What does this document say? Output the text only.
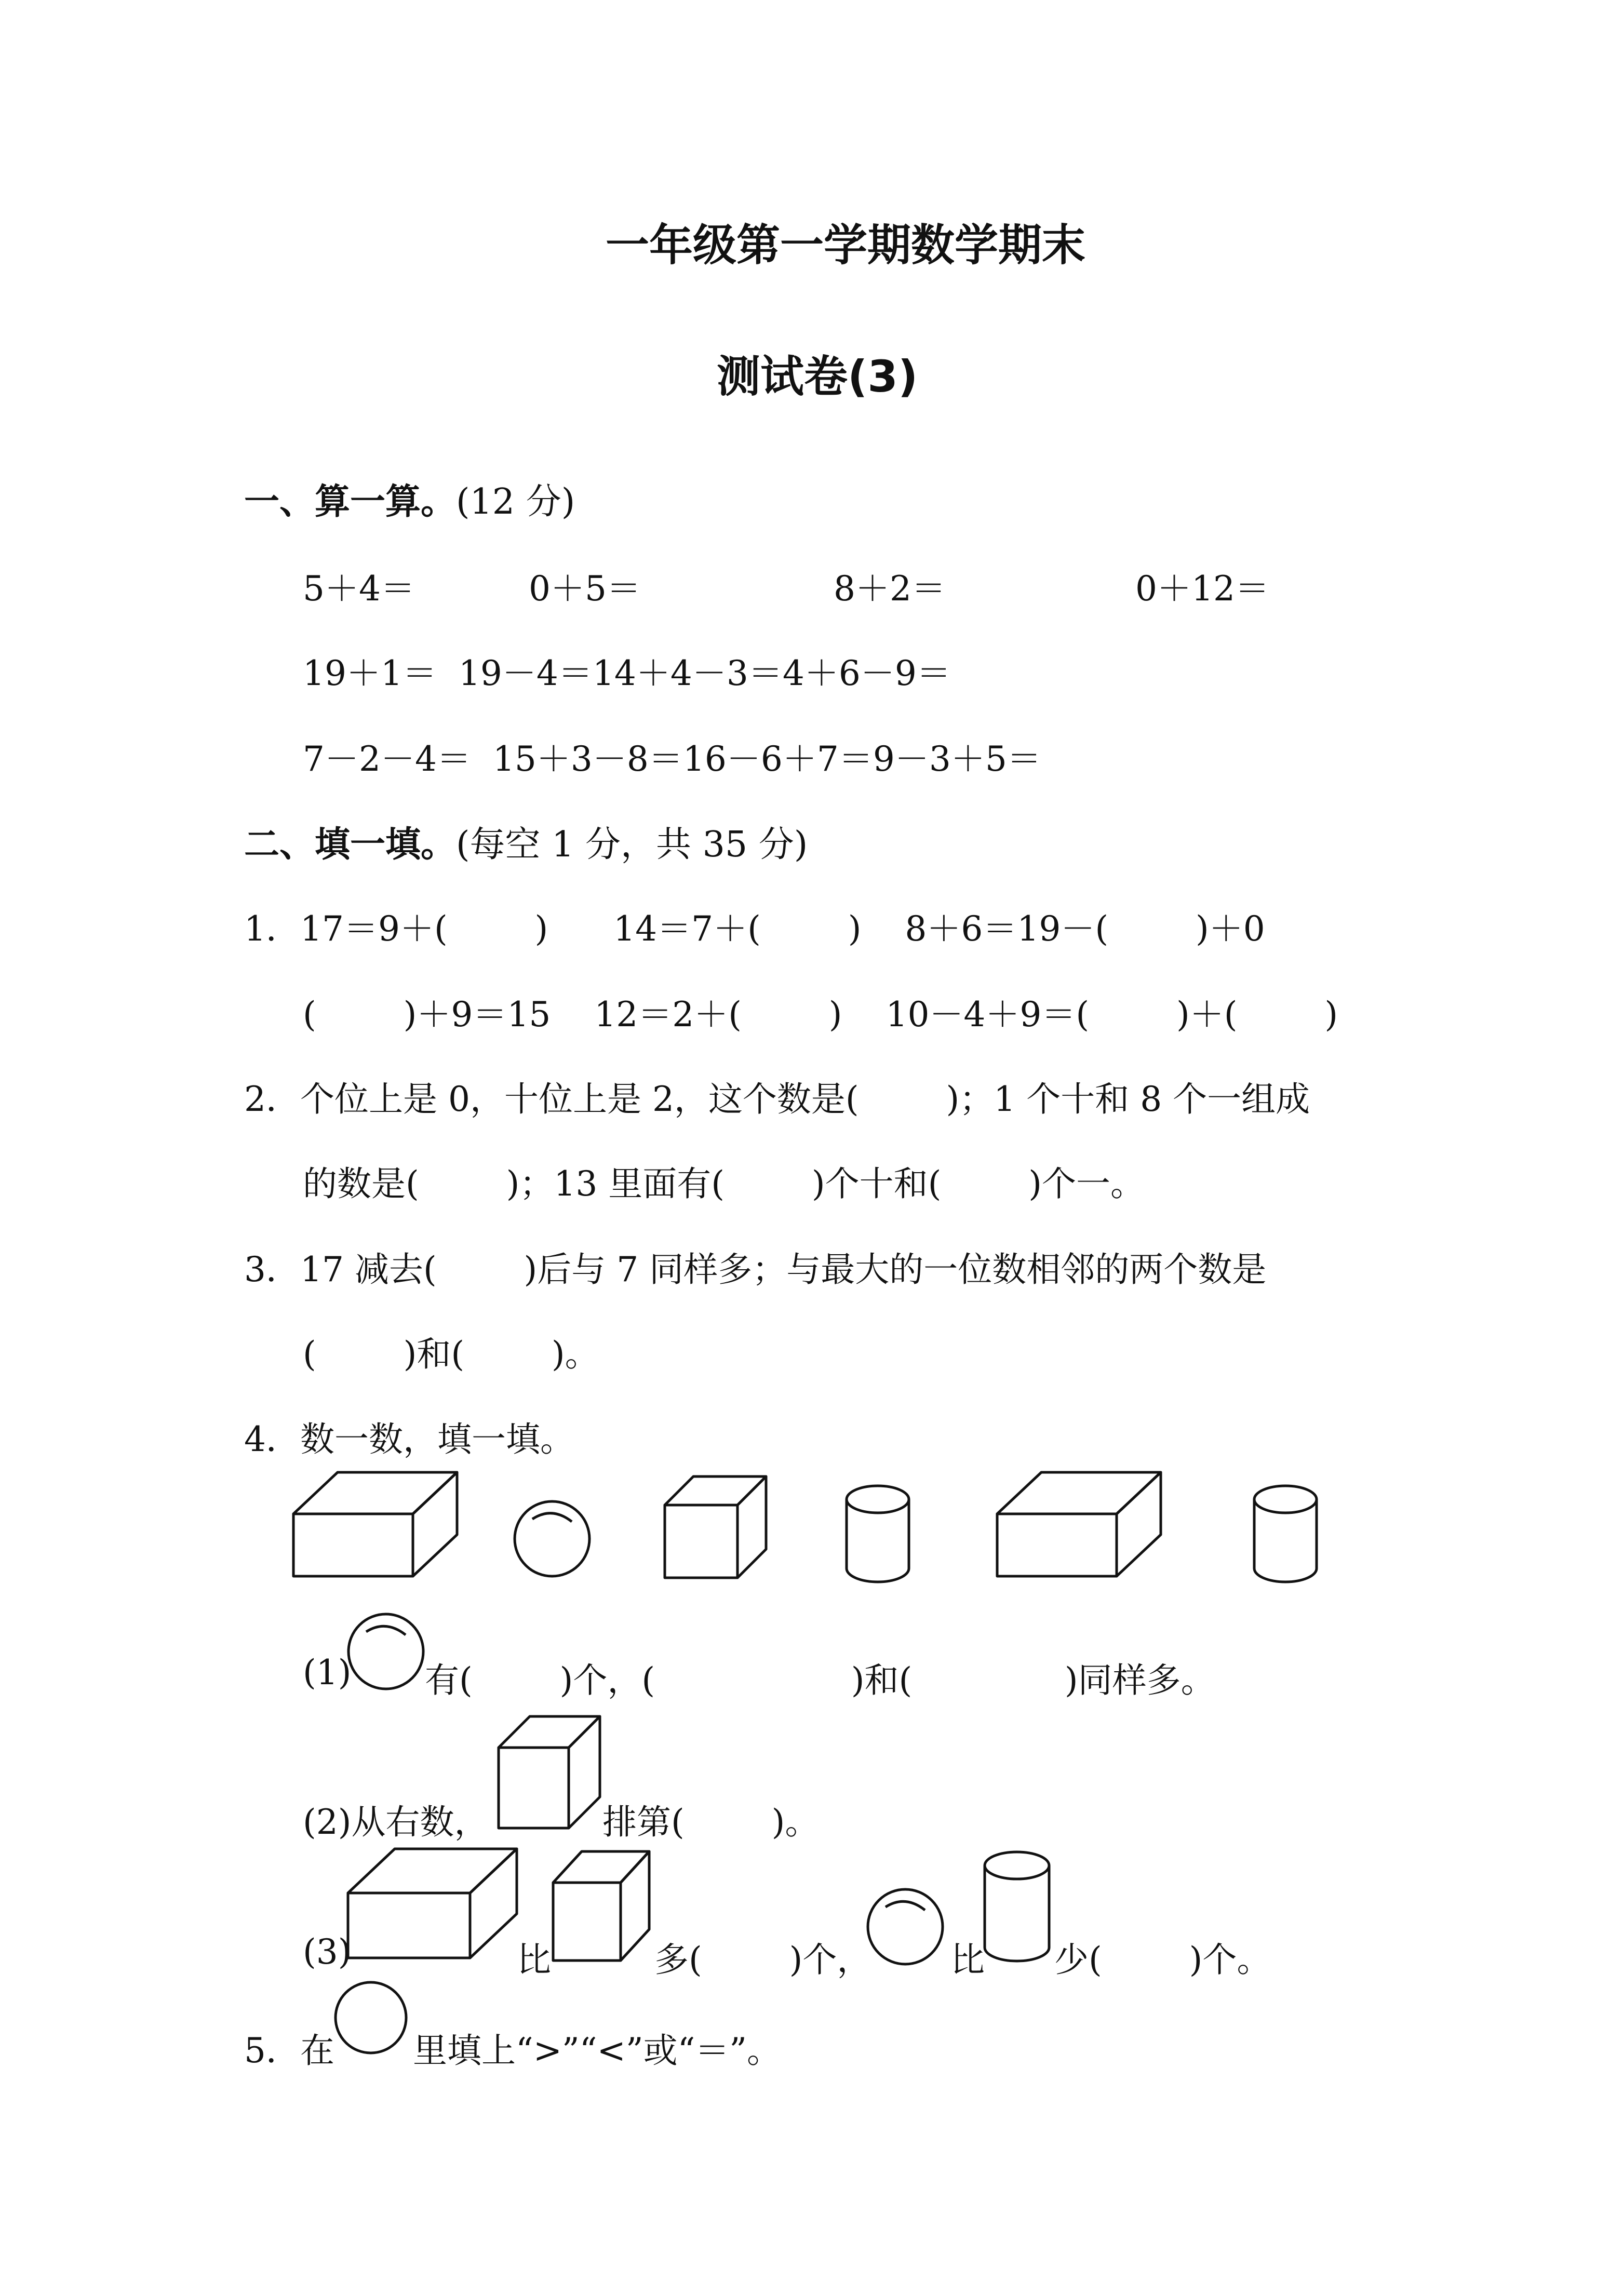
一年级第一学期数学期末
测试卷(3)
一、算一算。(12 分)
5＋4＝	0＋5＝	8＋2＝	0＋12＝
19＋1＝  19－4＝14＋4－3＝4＋6－9＝
7－2－4＝  15＋3－8＝16－6＋7＝9－3＋5＝
二、填一填。(每空 1 分，共 35 分)
1．17＝9＋(        )      14＝7＋(        )    8＋6＝19－(        )＋0
(        )＋9＝15    12＝2＋(        )    10－4＋9＝(        )＋(        )
2．个位上是 0，十位上是 2，这个数是(        )；1 个十和 8 个一组成
的数是(        )；13 里面有(        )个十和(        )个一。
3．17 减去(        )后与 7 同样多；与最大的一位数相邻的两个数是
(        )和(        )。
4．数一数，填一填。
(1) 有(        )个，(                  )和(              )同样多。
(2)从右数，	排第(        )。
(3)	比	多(        )个， 比 少(        )个。
5．在 里填上“>”“<”或“＝”。
